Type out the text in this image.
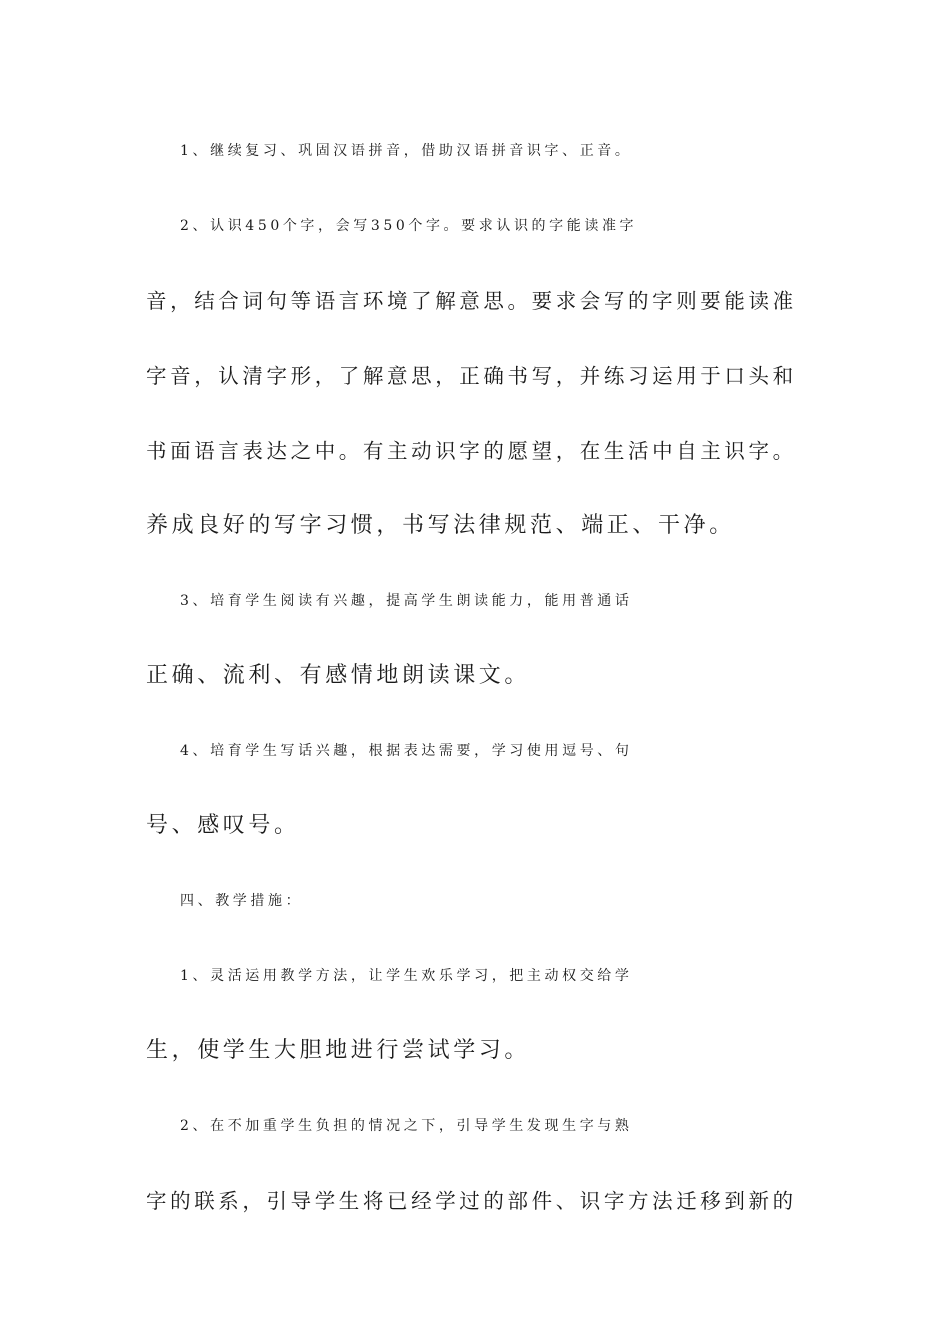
1、继续复习、巩固汉语拼音，借助汉语拼音识字、正音。
2、认识450个字，会写350个字。要求认识的字能读准字
音，结合词句等语言环境了解意思。要求会写的字则要能读准
字音，认清字形，了解意思，正确书写，并练习运用于口头和
书面语言表达之中。有主动识字的愿望，在生活中自主识字。
养成良好的写字习惯，书写法律规范、端正、干净。
3、培育学生阅读有兴趣，提高学生朗读能力，能用普通话
正确、流利、有感情地朗读课文。
4、培育学生写话兴趣，根据表达需要，学习使用逗号、句
号、感叹号。
四、教学措施：
1、灵活运用教学方法，让学生欢乐学习，把主动权交给学
生，使学生大胆地进行尝试学习。
2、在不加重学生负担的情况之下，引导学生发现生字与熟
字的联系，引导学生将已经学过的部件、识字方法迁移到新的
